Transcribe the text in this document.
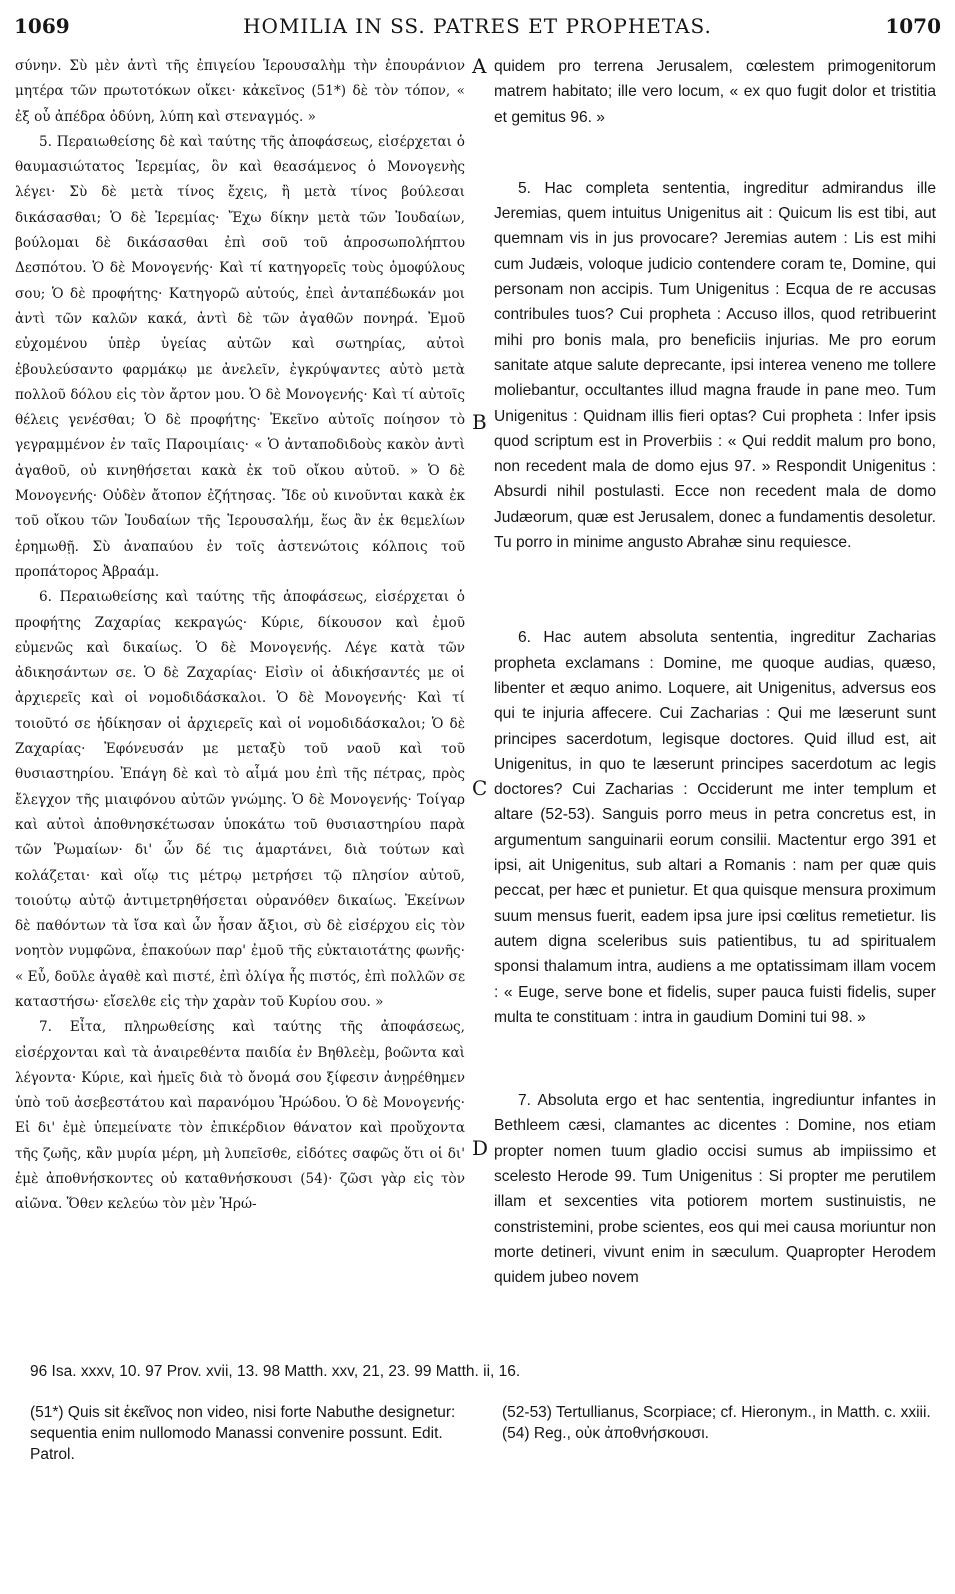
1069	HOMILIA IN SS. PATRES ET PROPHETAS.	1070

σύνην. Σὺ μὲν ἀντὶ τῆς ἐπιγείου Ἱερουσαλὴμ τὴν ἐπουράνιον μητέρα τῶν πρωτοτόκων οἴκει· κἀκεῖνος (51*) δὲ τὸν τόπον, « ἐξ οὗ ἀπέδρα ὀδύνη, λύπη καὶ στεναγμός. »

5. Περαιωθείσης δὲ καὶ ταύτης τῆς ἀποφάσεως, εἰσέρχεται ὁ θαυμασιώτατος Ἱερεμίας, ὃν καὶ θεασάμενος ὁ Μονογενὴς λέγει· Σὺ δὲ μετὰ τίνος ἔχεις, ἢ μετὰ τίνος βούλεσαι δικάσασθαι; Ὁ δὲ Ἱερεμίας· Ἔχω δίκην μετὰ τῶν Ἰουδαίων, βούλομαι δὲ δικάσασθαι ἐπὶ σοῦ τοῦ ἀπροσωπολήπτου Δεσπότου. Ὁ δὲ Μονογενής· Καὶ τί κατηγορεῖς τοὺς ὁμοφύλους σου; Ὁ δὲ προφήτης· Κατηγορῶ αὐτούς, ἐπεὶ ἀνταπέδωκάν μοι ἀντὶ τῶν καλῶν κακά, ἀντὶ δὲ τῶν ἀγαθῶν πονηρά. Ἐμοῦ εὐχομένου ὑπὲρ ὑγείας αὐτῶν καὶ σωτηρίας, αὐτοὶ ἐβουλεύσαντο φαρμάκῳ με ἀνελεῖν, ἐγκρύψαντες αὐτὸ μετὰ πολλοῦ δόλου εἰς τὸν ἄρτον μου. Ὁ δὲ Μονογενής· Καὶ τί αὐτοῖς θέλεις γενέσθαι; Ὁ δὲ προφήτης· Ἐκεῖνο αὐτοῖς ποίησον τὸ γεγραμμένον ἐν ταῖς Παροιμίαις· « Ὁ ἀνταποδιδοὺς κακὸν ἀντὶ ἀγαθοῦ, οὐ κινηθήσεται κακὰ ἐκ τοῦ οἴκου αὐτοῦ. » Ὁ δὲ Μονογενής· Οὐδὲν ἄτοπον ἐζήτησας. Ἴδε οὐ κινοῦνται κακὰ ἐκ τοῦ οἴκου τῶν Ἰουδαίων τῆς Ἱερουσαλήμ, ἕως ἂν ἐκ θεμελίων ἐρημωθῇ. Σὺ ἀναπαύου ἐν τοῖς ἀστενώτοις κόλποις τοῦ προπάτορος Ἀβραάμ.

6. Περαιωθείσης καὶ ταύτης τῆς ἀποφάσεως, εἰσέρχεται ὁ προφήτης Ζαχαρίας κεκραγώς· Κύριε, δίκουσον καὶ ἐμοῦ εὐμενῶς καὶ δικαίως. Ὁ δὲ Μονογενής. Λέγε κατὰ τῶν ἀδικησάντων σε. Ὁ δὲ Ζαχαρίας· Εἰσὶν οἱ ἀδικήσαντές με οἱ ἀρχιερεῖς καὶ οἱ νομοδιδάσκαλοι. Ὁ δὲ Μονογενής· Καὶ τί τοιοῦτό σε ἠδίκησαν οἱ ἀρχιερεῖς καὶ οἱ νομοδιδάσκαλοι; Ὁ δὲ Ζαχαρίας· Ἐφόνευσάν με μεταξὺ τοῦ ναοῦ καὶ τοῦ θυσιαστηρίου. Ἐπάγη δὲ καὶ τὸ αἷμά μου ἐπὶ τῆς πέτρας, πρὸς ἔλεγχον τῆς μιαιφόνου αὐτῶν γνώμης. Ὁ δὲ Μονογενής· Τοίγαρ καὶ αὐτοὶ ἀποθνησκέτωσαν ὑποκάτω τοῦ θυσιαστηρίου παρὰ τῶν Ῥωμαίων· δι' ὧν δέ τις ἁμαρτάνει, διὰ τούτων καὶ κολάζεται· καὶ οἵῳ τις μέτρῳ μετρήσει τῷ πλησίον αὐτοῦ, τοιούτῳ αὐτῷ ἀντιμετρηθήσεται οὐρανόθεν δικαίως. Ἐκείνων δὲ παθόντων τὰ ἴσα καὶ ὧν ἦσαν ἄξιοι, σὺ δὲ εἰσέρχου εἰς τὸν νοητὸν νυμφῶνα, ἐπακούων παρ' ἐμοῦ τῆς εὐκταιοτάτης φωνῆς· « Εὖ, δοῦλε ἀγαθὲ καὶ πιστέ, ἐπὶ ὀλίγα ἧς πιστός, ἐπὶ πολλῶν σε καταστήσω· εἴσελθε εἰς τὴν χαρὰν τοῦ Κυρίου σου. »

7. Εἶτα, πληρωθείσης καὶ ταύτης τῆς ἀποφάσεως, εἰσέρχονται καὶ τὰ ἀναιρεθέντα παιδία ἐν Βηθλεὲμ, βοῶντα καὶ λέγοντα· Κύριε, καὶ ἡμεῖς διὰ τὸ ὄνομά σου ξίφεσιν ἀνῃρέθημεν ὑπὸ τοῦ ἀσεβεστάτου καὶ παρανόμου Ἡρώδου. Ὁ δὲ Μονογενής· Εἰ δι' ἐμὲ ὑπεμείνατε τὸν ἐπικέρδιον θάνατον καὶ προὔχοντα τῆς ζωῆς, κἂν μυρία μέρη, μὴ λυπεῖσθε, εἰδότες σαφῶς ὅτι οἱ δι' ἐμὲ ἀποθνήσκοντες οὐ καταθνήσκουσι (54)· ζῶσι γὰρ εἰς τὸν αἰῶνα. Ὅθεν κελεύω τὸν μὲν Ἡρώ-

A
B
C
D

quidem pro terrena Jerusalem, cœlestem primogenitorum matrem habitato; ille vero locum, « ex quo fugit dolor et tristitia et gemitus 96. »

5. Hac completa sententia, ingreditur admirandus ille Jeremias, quem intuitus Unigenitus ait : Quicum lis est tibi, aut quemnam vis in jus provocare? Jeremias autem : Lis est mihi cum Judæis, voloque judicio contendere coram te, Domine, qui personam non accipis. Tum Unigenitus : Ecqua de re accusas contribules tuos? Cui propheta : Accuso illos, quod retribuerint mihi pro bonis mala, pro beneficiis injurias. Me pro eorum sanitate atque salute deprecante, ipsi interea veneno me tollere moliebantur, occultantes illud magna fraude in pane meo. Tum Unigenitus : Quidnam illis fieri optas? Cui propheta : Infer ipsis quod scriptum est in Proverbiis : « Qui reddit malum pro bono, non recedent mala de domo ejus 97. » Respondit Unigenitus : Absurdi nihil postulasti. Ecce non recedent mala de domo Judæorum, quæ est Jerusalem, donec a fundamentis desoletur. Tu porro in minime angusto Abrahæ sinu requiesce.

6. Hac autem absoluta sententia, ingreditur Zacharias propheta exclamans : Domine, me quoque audias, quæso, libenter et æquo animo. Loquere, ait Unigenitus, adversus eos qui te injuria affecere. Cui Zacharias : Qui me læserunt sunt principes sacerdotum, legisque doctores. Quid illud est, ait Unigenitus, in quo te læserunt principes sacerdotum ac legis doctores? Cui Zacharias : Occiderunt me inter templum et altare (52-53). Sanguis porro meus in petra concretus est, in argumentum sanguinarii eorum consilii. Mactentur ergo 391 et ipsi, ait Unigenitus, sub altari a Romanis : nam per quæ quis peccat, per hæc et punietur. Et qua quisque mensura proximum suum mensus fuerit, eadem ipsa jure ipsi cœlitus remetietur. Iis autem digna sceleribus suis patientibus, tu ad spiritualem sponsi thalamum intra, audiens a me optatissimam illam vocem : « Euge, serve bone et fidelis, super pauca fuisti fidelis, super multa te constituam : intra in gaudium Domini tui 98. »

7. Absoluta ergo et hac sententia, ingrediuntur infantes in Bethleem cæsi, clamantes ac dicentes : Domine, nos etiam propter nomen tuum gladio occisi sumus ab impiissimo et scelesto Herode 99. Tum Unigenitus : Si propter me perutilem illam et sexcenties vita potiorem mortem sustinuistis, ne constristemini, probe scientes, eos qui mei causa moriuntur non morte detineri, vivunt enim in sæculum. Quapropter Herodem quidem jubeo novem

96 Isa. xxxv, 10. 97 Prov. xvii, 13. 98 Matth. xxv, 21, 23. 99 Matth. ii, 16.

(51*) Quis sit ἐκεῖνος non video, nisi forte Nabuthe designetur: sequentia enim nullomodo Manassi convenire possunt. Edit. Patrol.

(52-53) Tertullianus, Scorpiace; cf. Hieronym., in Matth. c. xxiii.

(54) Reg., οὐκ ἀποθνήσκουσι.
